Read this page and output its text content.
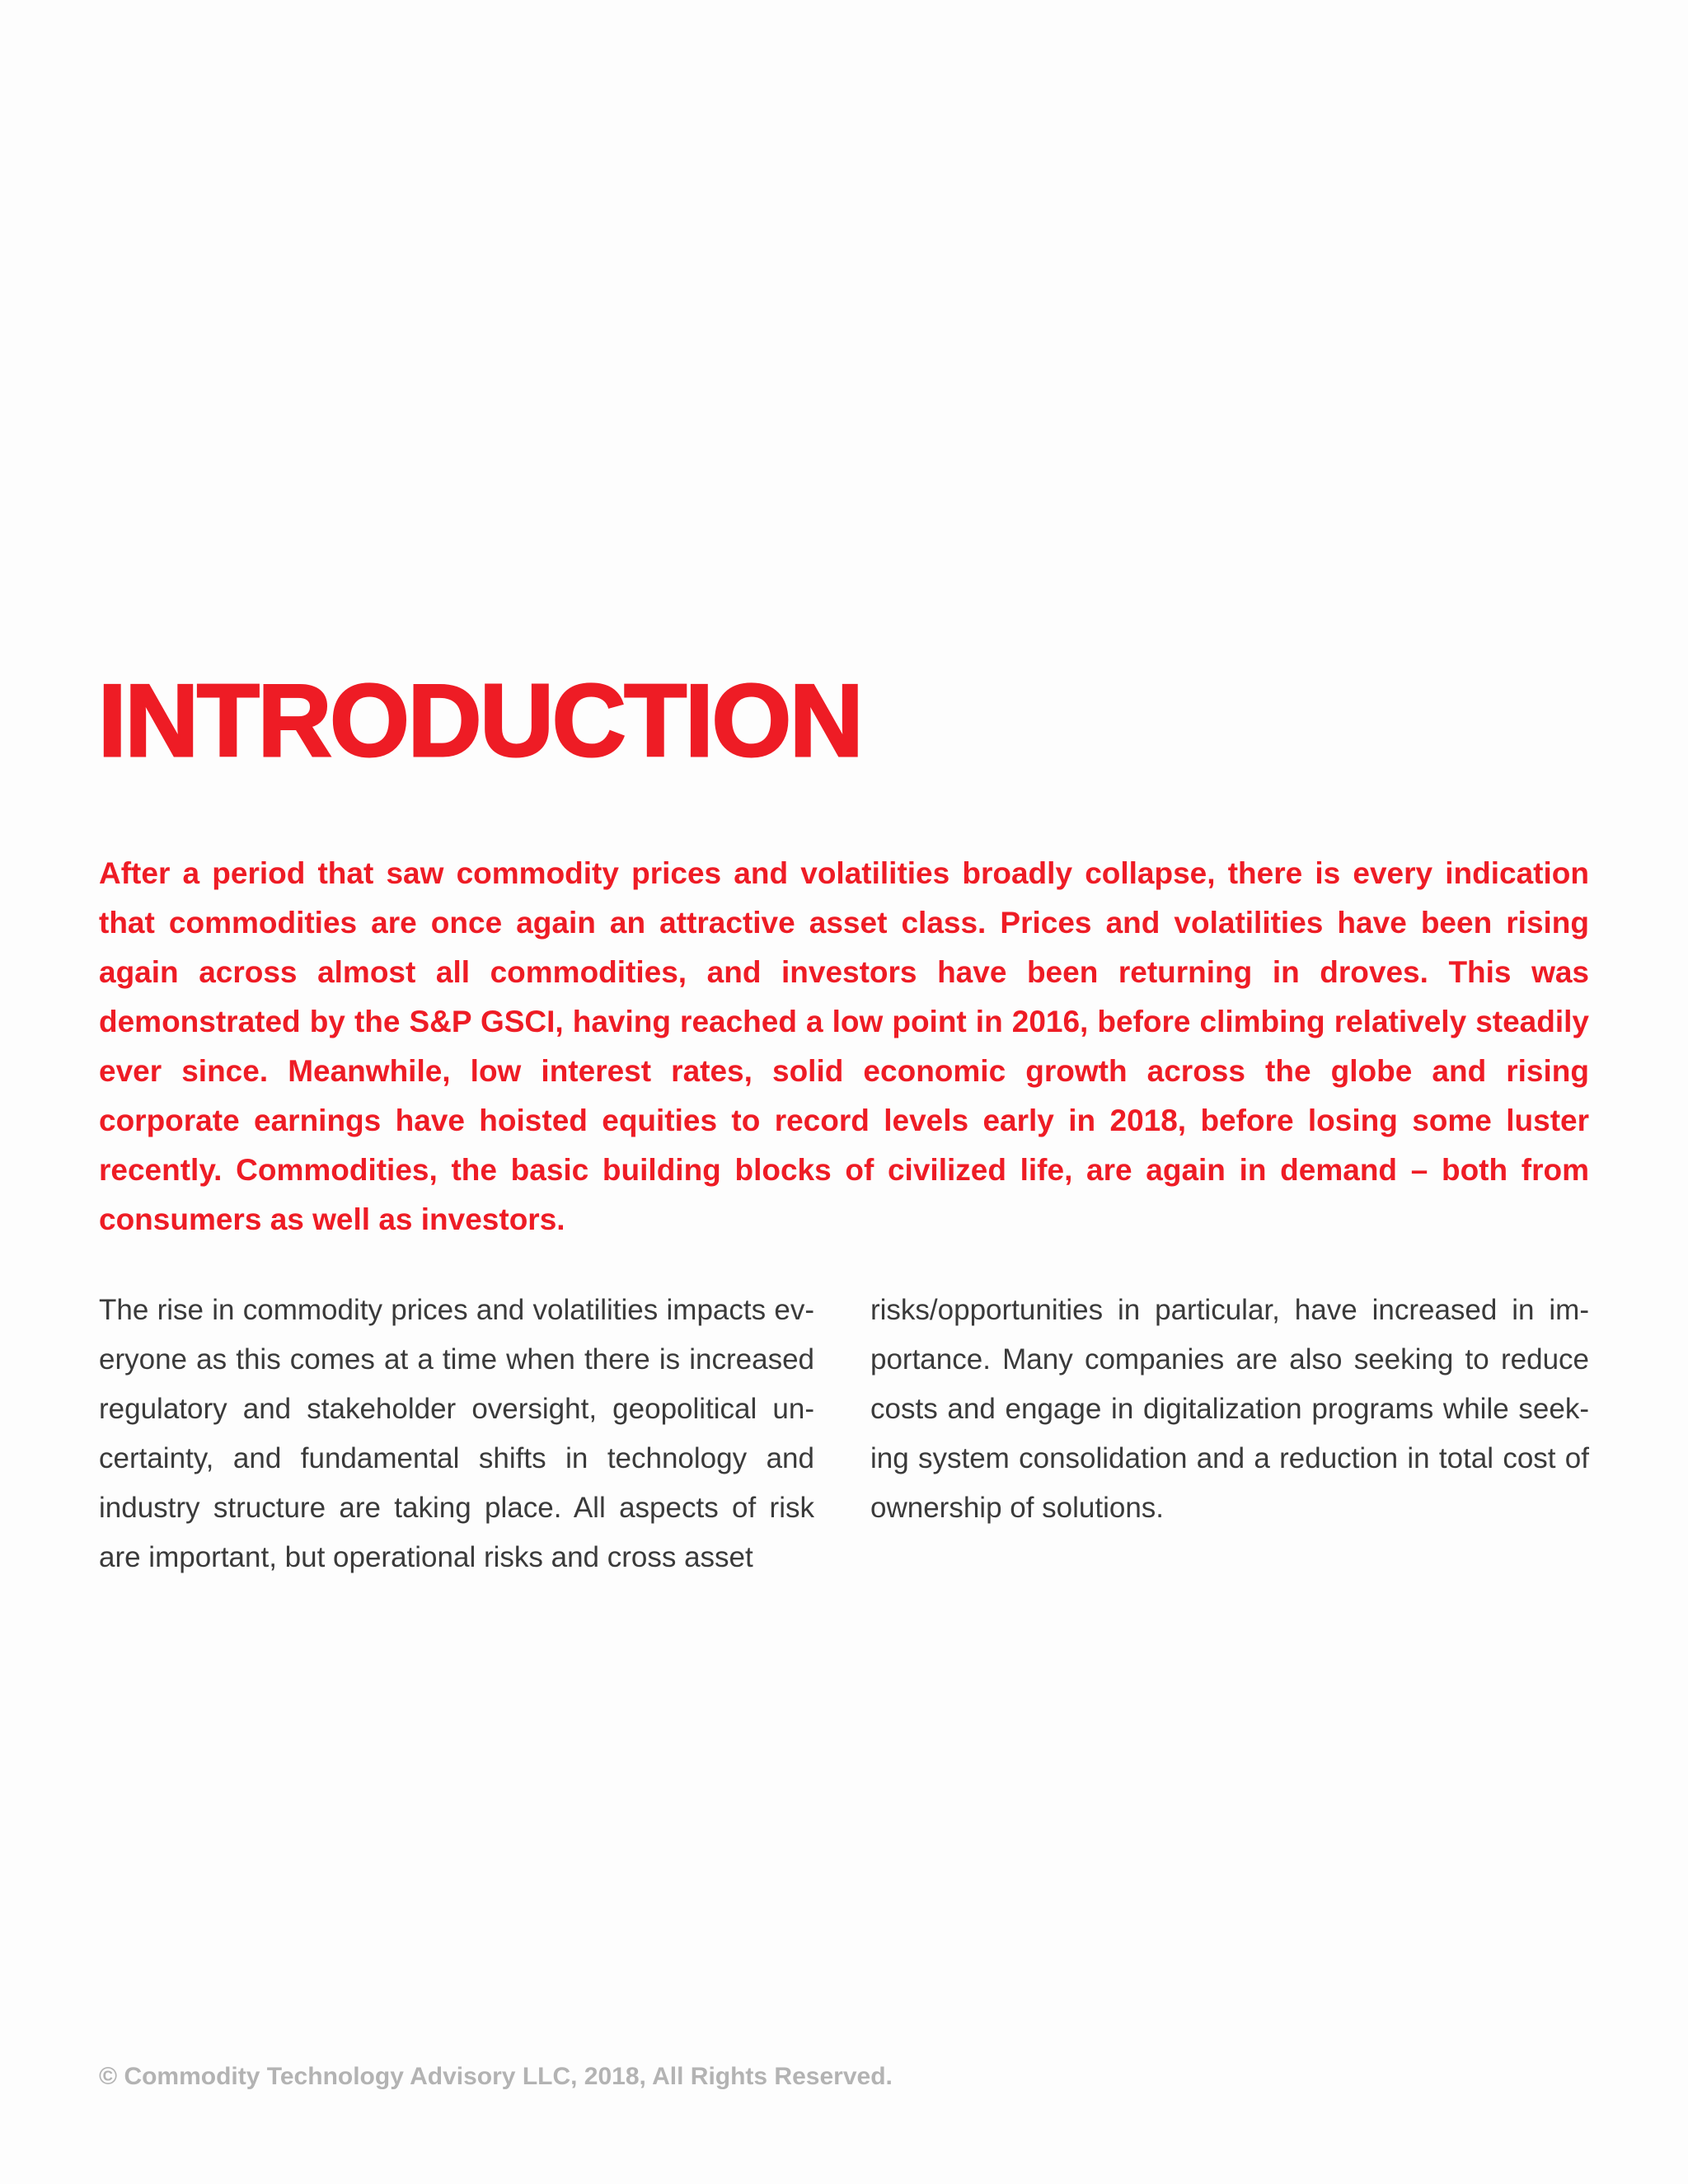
INTRODUCTION

After a period that saw commodity prices and volatilities broadly collapse, there is every indication that commodities are once again an attractive asset class. Prices and volatilities have been rising again across almost all commodities, and investors have been returning in droves. This was demonstrated by the S&P GSCI, having reached a low point in 2016, before climbing relatively steadily ever since. Meanwhile, low interest rates, solid economic growth across the globe and rising corporate earnings have hoisted equities to record levels early in 2018, before losing some luster recently. Commodities, the basic building blocks of civilized life, are again in demand – both from consumers as well as investors.

The rise in commodity prices and volatilities impacts everyone as this comes at a time when there is increased regulatory and stakeholder oversight, geopolitical uncertainty, and fundamental shifts in technology and industry structure are taking place. All aspects of risk are important, but operational risks and cross asset

risks/opportunities in particular, have increased in importance. Many companies are also seeking to reduce costs and engage in digitalization programs while seeking system consolidation and a reduction in total cost of ownership of solutions.

© Commodity Technology Advisory LLC, 2018, All Rights Reserved.
